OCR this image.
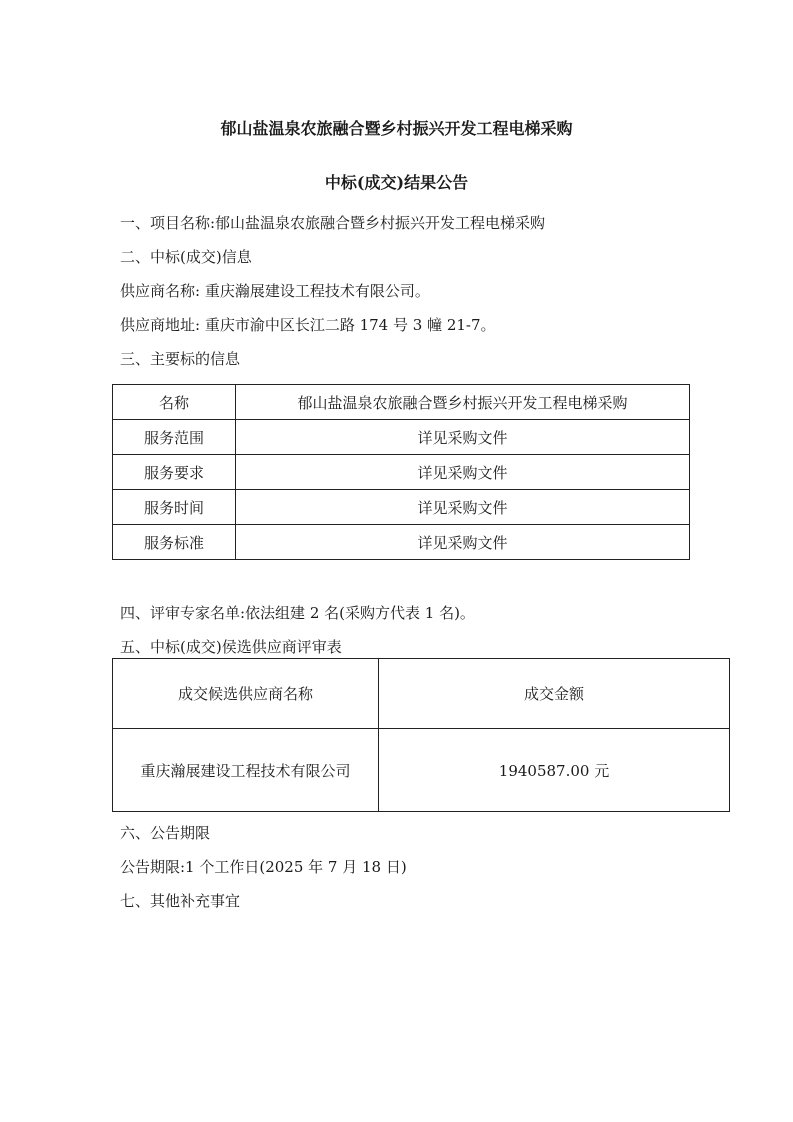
郁山盐温泉农旅融合暨乡村振兴开发工程电梯采购
中标(成交)结果公告
一、项目名称:郁山盐温泉农旅融合暨乡村振兴开发工程电梯采购
二、中标(成交)信息
供应商名称: 重庆瀚展建设工程技术有限公司。
供应商地址: 重庆市渝中区长江二路 174 号 3 幢 21-7。
三、主要标的信息
名称	郁山盐温泉农旅融合暨乡村振兴开发工程电梯采购
服务范围	详见采购文件
服务要求	详见采购文件
服务时间	详见采购文件
服务标准	详见采购文件
四、评审专家名单:依法组建 2 名(采购方代表 1 名)。
五、中标(成交)侯选供应商评审表
成交候选供应商名称	成交金额
重庆瀚展建设工程技术有限公司	1940587.00 元
六、公告期限
公告期限:1 个工作日(2025 年 7 月 18 日)
七、其他补充事宜
